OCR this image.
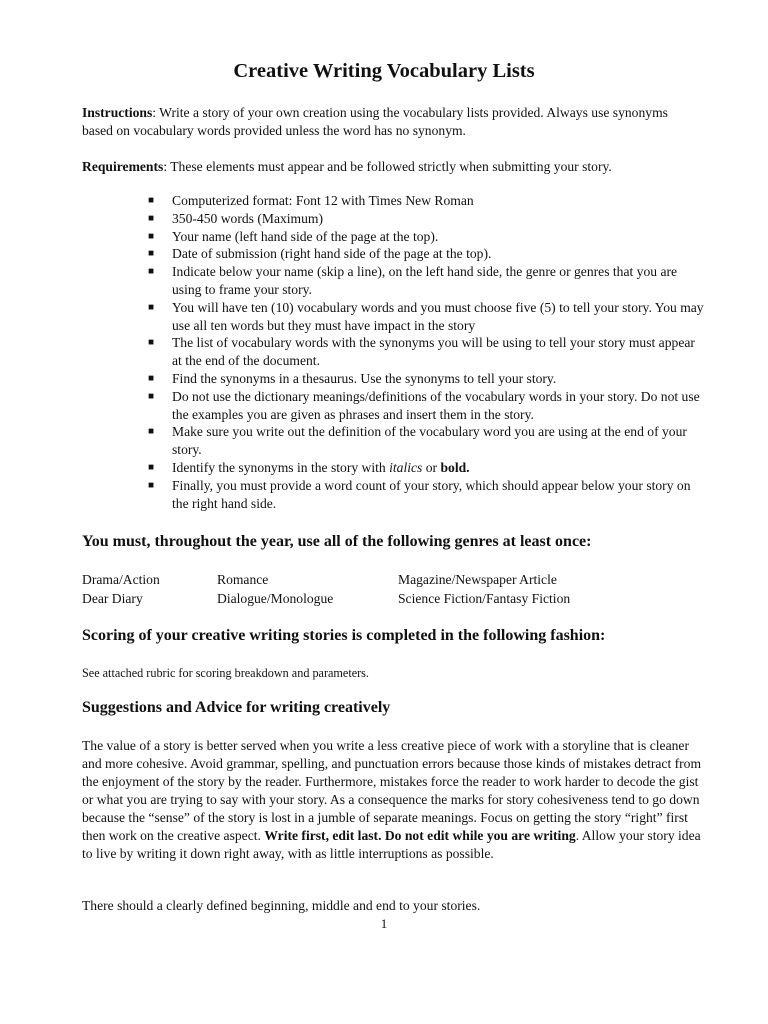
Creative Writing Vocabulary Lists

Instructions: Write a story of your own creation using the vocabulary lists provided. Always use synonyms based on vocabulary words provided unless the word has no synonym.

Requirements: These elements must appear and be followed strictly when submitting your story.

■ Computerized format: Font 12 with Times New Roman
■ 350-450 words (Maximum)
■ Your name (left hand side of the page at the top).
■ Date of submission (right hand side of the page at the top).
■ Indicate below your name (skip a line), on the left hand side, the genre or genres that you are using to frame your story.
■ You will have ten (10) vocabulary words and you must choose five (5) to tell your story. You may use all ten words but they must have impact in the story
■ The list of vocabulary words with the synonyms you will be using to tell your story must appear at the end of the document.
■ Find the synonyms in a thesaurus. Use the synonyms to tell your story.
■ Do not use the dictionary meanings/definitions of the vocabulary words in your story. Do not use the examples you are given as phrases and insert them in the story.
■ Make sure you write out the definition of the vocabulary word you are using at the end of your story.
■ Identify the synonyms in the story with italics or bold.
■ Finally, you must provide a word count of your story, which should appear below your story on the right hand side.
You must, throughout the year, use all of the following genres at least once:
Drama/Action	Romance	Magazine/Newspaper Article
Dear Diary	Dialogue/Monologue	Science Fiction/Fantasy Fiction
Scoring of your creative writing stories is completed in the following fashion:

See attached rubric for scoring breakdown and parameters.

Suggestions and Advice for writing creatively

The value of a story is better served when you write a less creative piece of work with a storyline that is cleaner and more cohesive. Avoid grammar, spelling, and punctuation errors because those kinds of mistakes detract from the enjoyment of the story by the reader. Furthermore, mistakes force the reader to work harder to decode the gist or what you are trying to say with your story. As a consequence the marks for story cohesiveness tend to go down because the “sense” of the story is lost in a jumble of separate meanings. Focus on getting the story “right” first then work on the creative aspect. Write first, edit last. Do not edit while you are writing. Allow your story idea to live by writing it down right away, with as little interruptions as possible.

There should a clearly defined beginning, middle and end to your stories.

1
